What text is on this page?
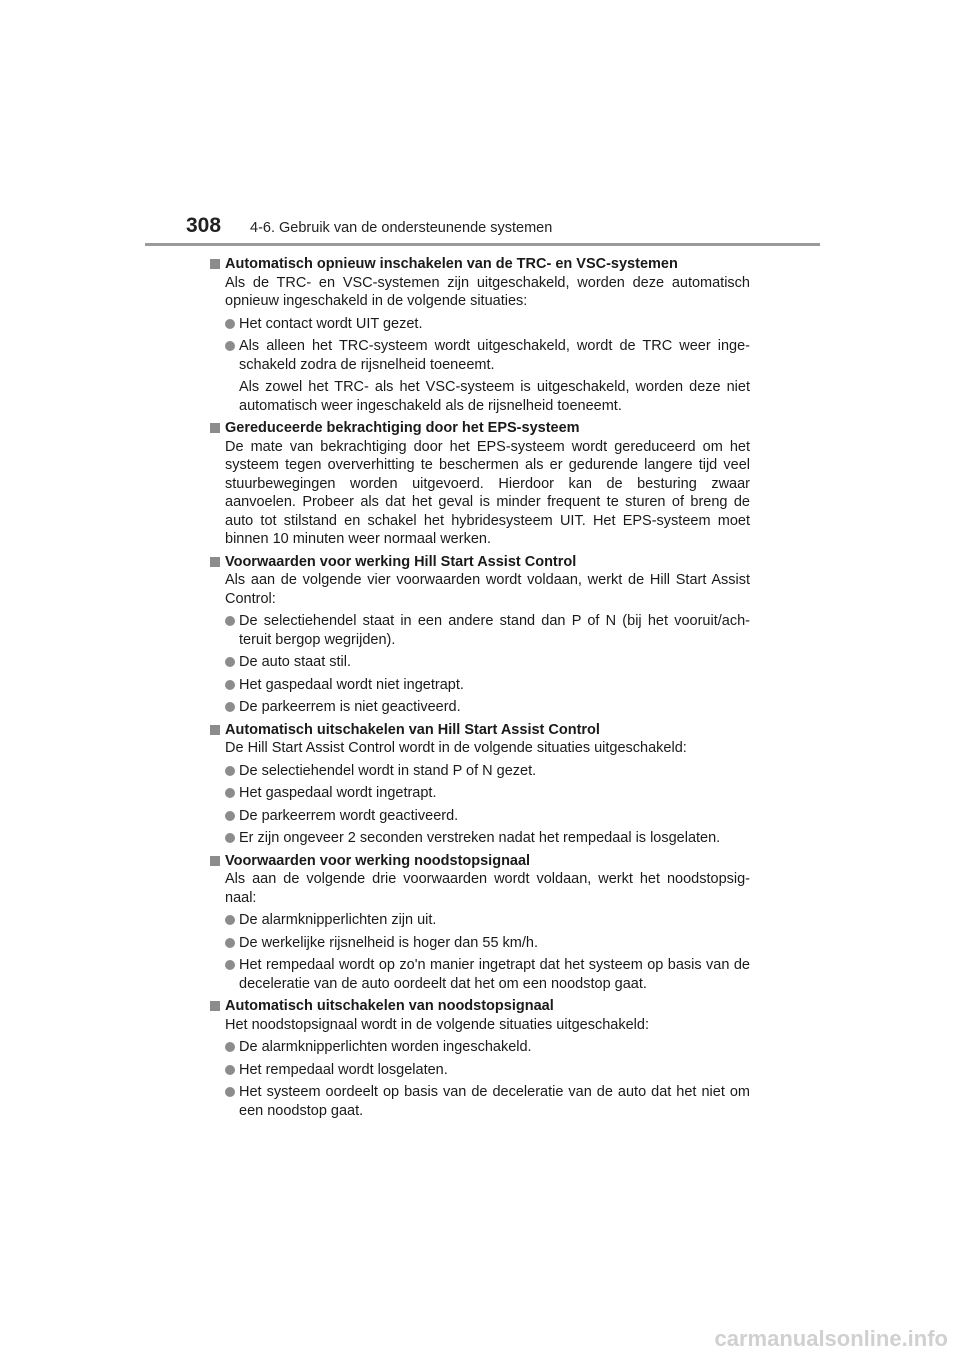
308 4-6. Gebruik van de ondersteunende systemen
Automatisch opnieuw inschakelen van de TRC- en VSC-systemen
Als de TRC- en VSC-systemen zijn uitgeschakeld, worden deze automatisch opnieuw ingeschakeld in de volgende situaties:
Het contact wordt UIT gezet.
Als alleen het TRC-systeem wordt uitgeschakeld, wordt de TRC weer inge-schakeld zodra de rijsnelheid toeneemt.
Als zowel het TRC- als het VSC-systeem is uitgeschakeld, worden deze niet automatisch weer ingeschakeld als de rijsnelheid toeneemt.
Gereduceerde bekrachtiging door het EPS-systeem
De mate van bekrachtiging door het EPS-systeem wordt gereduceerd om het systeem tegen oververhitting te beschermen als er gedurende langere tijd veel stuurbewegingen worden uitgevoerd. Hierdoor kan de besturing zwaar aanvoelen. Probeer als dat het geval is minder frequent te sturen of breng de auto tot stilstand en schakel het hybridesysteem UIT. Het EPS-systeem moet binnen 10 minuten weer normaal werken.
Voorwaarden voor werking Hill Start Assist Control
Als aan de volgende vier voorwaarden wordt voldaan, werkt de Hill Start Assist Control:
De selectiehendel staat in een andere stand dan P of N (bij het vooruit/ach-teruit bergop wegrijden).
De auto staat stil.
Het gaspedaal wordt niet ingetrapt.
De parkeerrem is niet geactiveerd.
Automatisch uitschakelen van Hill Start Assist Control
De Hill Start Assist Control wordt in de volgende situaties uitgeschakeld:
De selectiehendel wordt in stand P of N gezet.
Het gaspedaal wordt ingetrapt.
De parkeerrem wordt geactiveerd.
Er zijn ongeveer 2 seconden verstreken nadat het rempedaal is losgelaten.
Voorwaarden voor werking noodstopsignaal
Als aan de volgende drie voorwaarden wordt voldaan, werkt het noodstopsig-naal:
De alarmknipperlichten zijn uit.
De werkelijke rijsnelheid is hoger dan 55 km/h.
Het rempedaal wordt op zo'n manier ingetrapt dat het systeem op basis van de deceleratie van de auto oordeelt dat het om een noodstop gaat.
Automatisch uitschakelen van noodstopsignaal
Het noodstopsignaal wordt in de volgende situaties uitgeschakeld:
De alarmknipperlichten worden ingeschakeld.
Het rempedaal wordt losgelaten.
Het systeem oordeelt op basis van de deceleratie van de auto dat het niet om een noodstop gaat.
carmanualsonline.info
